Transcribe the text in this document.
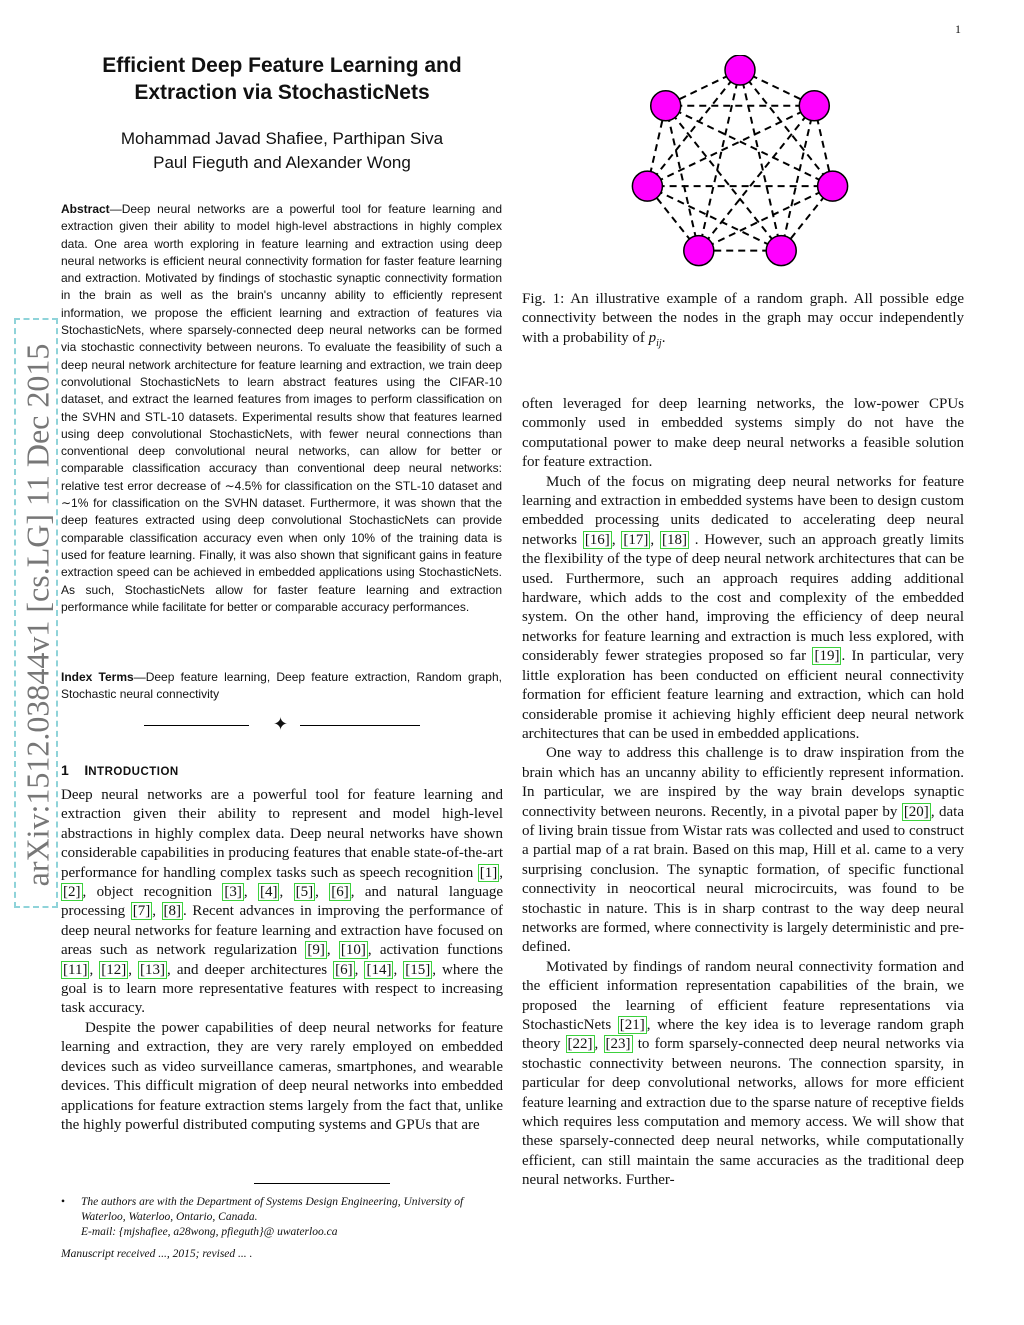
1
arXiv:1512.03844v1 [cs.LG] 11 Dec 2015
Efficient Deep Feature Learning and Extraction via StochasticNets
Mohammad Javad Shafiee, Parthipan Siva
Paul Fieguth and Alexander Wong
Abstract—Deep neural networks are a powerful tool for feature learning and extraction given their ability to model high-level abstractions in highly complex data. One area worth exploring in feature learning and extraction using deep neural networks is efficient neural connectivity formation for faster feature learning and extraction. Motivated by findings of stochastic synaptic connectivity formation in the brain as well as the brain's uncanny ability to efficiently represent information, we propose the efficient learning and extraction of features via StochasticNets, where sparsely-connected deep neural networks can be formed via stochastic connectivity between neurons. To evaluate the feasibility of such a deep neural network architecture for feature learning and extraction, we train deep convolutional StochasticNets to learn abstract features using the CIFAR-10 dataset, and extract the learned features from images to perform classification on the SVHN and STL-10 datasets. Experimental results show that features learned using deep convolutional StochasticNets, with fewer neural connections than conventional deep convolutional neural networks, can allow for better or comparable classification accuracy than conventional deep neural networks: relative test error decrease of ∼4.5% for classification on the STL-10 dataset and ∼1% for classification on the SVHN dataset. Furthermore, it was shown that the deep features extracted using deep convolutional StochasticNets can provide comparable classification accuracy even when only 10% of the training data is used for feature learning. Finally, it was also shown that significant gains in feature extraction speed can be achieved in embedded applications using StochasticNets. As such, StochasticNets allow for faster feature learning and extraction performance while facilitate for better or comparable accuracy performances.
Index Terms—Deep feature learning, Deep feature extraction, Random graph, Stochastic neural connectivity
✦
1 INTRODUCTION

Deep neural networks are a powerful tool for feature learning and extraction given their ability to represent and model high-level abstractions in highly complex data. Deep neural networks have shown considerable capabilities in producing features that enable state-of-the-art performance for handling complex tasks such as speech recognition [1] , [2] , object recognition [3] , [4] , [5] , [6] , and natural language processing [7] , [8] . Recent advances in improving the performance of deep neural networks for feature learning and extraction have focused on areas such as network regularization [9] , [10] , activation functions [11] , [12] , [13] , and deeper architectures [6] , [14] , [15] , where the goal is to learn more representative features with respect to increasing task accuracy.

Despite the power capabilities of deep neural networks for feature learning and extraction, they are very rarely employed on embedded devices such as video surveillance cameras, smartphones, and wearable devices. This difficult migration of deep neural networks into embedded applications for feature extraction stems largely from the fact that, unlike the highly powerful distributed computing systems and GPUs that are

• The authors are with the Department of Systems Design Engineering, University of Waterloo, Waterloo, Ontario, Canada.
E-mail: {mjshafiee, a28wong, pfieguth}@ uwaterloo.ca
Manuscript received ..., 2015; revised ... .
Fig. 1: An illustrative example of a random graph. All possible edge connectivity between the nodes in the graph may occur independently with a probability of $p_{ij}$.

often leveraged for deep learning networks, the low-power CPUs commonly used in embedded systems simply do not have the computational power to make deep neural networks a feasible solution for feature extraction.

Much of the focus on migrating deep neural networks for feature learning and extraction in embedded systems have been to design custom embedded processing units dedicated to accelerating deep neural networks [16] , [17] , [18] . However, such an approach greatly limits the flexibility of the type of deep neural network architectures that can be used. Furthermore, such an approach requires adding additional hardware, which adds to the cost and complexity of the embedded system. On the other hand, improving the efficiency of deep neural networks for feature learning and extraction is much less explored, with considerably fewer strategies proposed so far [19] . In particular, very little exploration has been conducted on efficient neural connectivity formation for efficient feature learning and extraction, which can hold considerable promise it achieving highly efficient deep neural network architectures that can be used in embedded applications.

One way to address this challenge is to draw inspiration from the brain which has an uncanny ability to efficiently represent information. In particular, we are inspired by the way brain develops synaptic connectivity between neurons. Recently, in a pivotal paper by [20] , data of living brain tissue from Wistar rats was collected and used to construct a partial map of a rat brain. Based on this map, Hill et al. came to a very surprising conclusion. The synaptic formation, of specific functional connectivity in neocortical neural microcircuits, was found to be stochastic in nature. This is in sharp contrast to the way deep neural networks are formed, where connectivity is largely deterministic and pre-defined.

Motivated by findings of random neural connectivity formation and the efficient information representation capabilities of the brain, we proposed the learning of efficient feature representations via StochasticNets [21] , where the key idea is to leverage random graph theory [22] , [23] to form sparsely-connected deep neural networks via stochastic connectivity between neurons. The connection sparsity, in particular for deep convolutional networks, allows for more efficient feature learning and extraction due to the sparse nature of receptive fields which requires less computation and memory access. We will show that these sparsely-connected deep neural networks, while computationally efficient, can still maintain the same accuracies as the traditional deep neural networks. Further-
